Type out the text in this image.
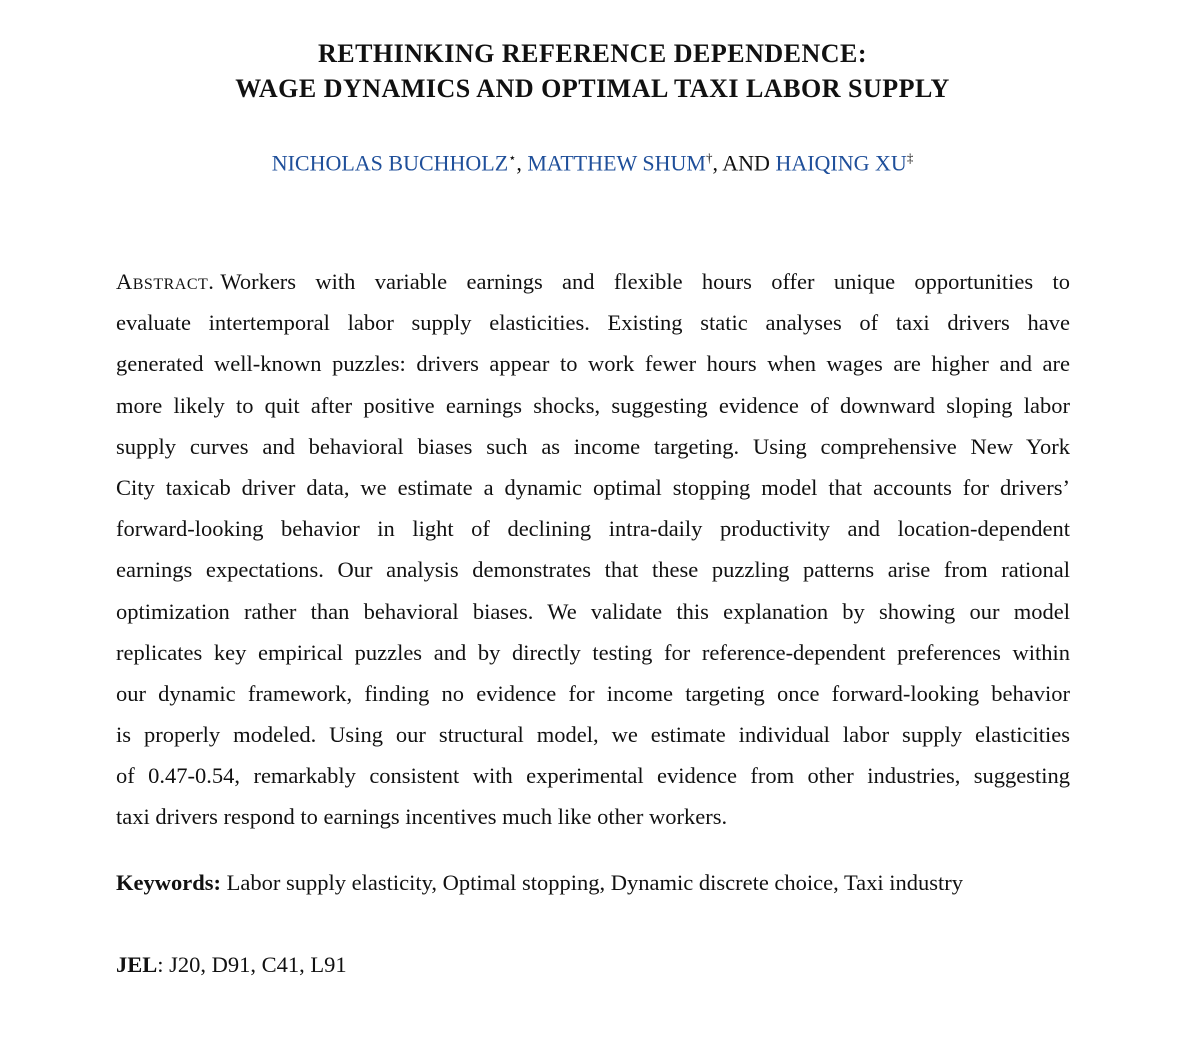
RETHINKING REFERENCE DEPENDENCE:
WAGE DYNAMICS AND OPTIMAL TAXI LABOR SUPPLY
NICHOLAS BUCHHOLZ⋆, MATTHEW SHUM†, AND HAIQING XU‡
Abstract. Workers with variable earnings and flexible hours offer unique opportunities to
evaluate intertemporal labor supply elasticities. Existing static analyses of taxi drivers have
generated well-known puzzles: drivers appear to work fewer hours when wages are higher and are
more likely to quit after positive earnings shocks, suggesting evidence of downward sloping labor
supply curves and behavioral biases such as income targeting. Using comprehensive New York
City taxicab driver data, we estimate a dynamic optimal stopping model that accounts for drivers’
forward-looking behavior in light of declining intra-daily productivity and location-dependent
earnings expectations. Our analysis demonstrates that these puzzling patterns arise from rational
optimization rather than behavioral biases. We validate this explanation by showing our model
replicates key empirical puzzles and by directly testing for reference-dependent preferences within
our dynamic framework, finding no evidence for income targeting once forward-looking behavior
is properly modeled. Using our structural model, we estimate individual labor supply elasticities
of 0.47-0.54, remarkably consistent with experimental evidence from other industries, suggesting
taxi drivers respond to earnings incentives much like other workers.
Keywords: Labor supply elasticity, Optimal stopping, Dynamic discrete choice, Taxi industry
JEL: J20, D91, C41, L91
